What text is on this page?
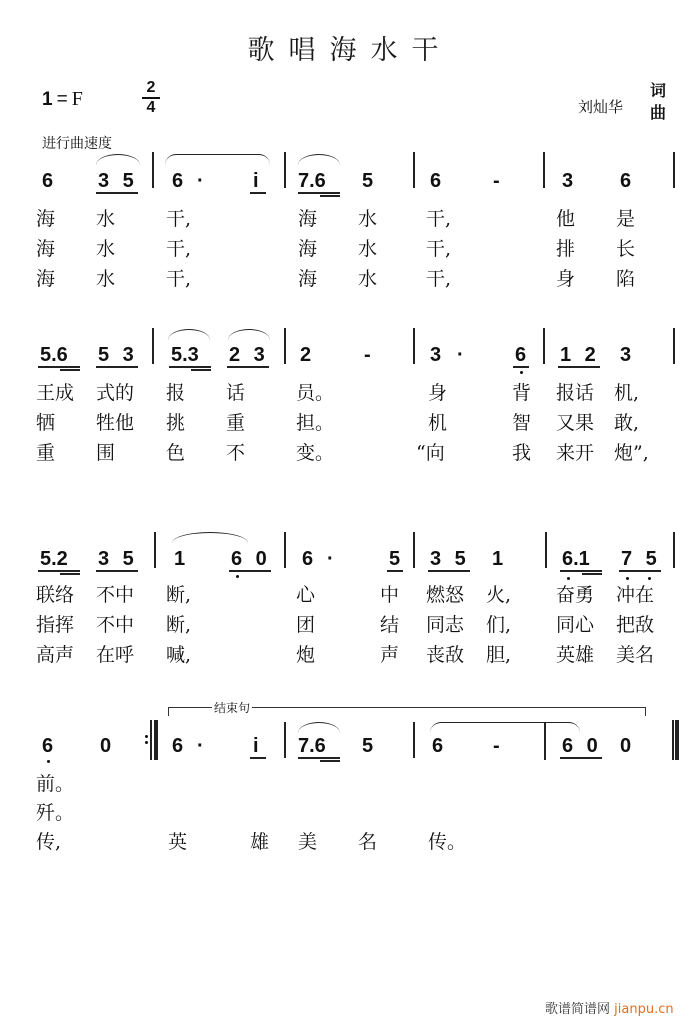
歌唱海水干
1 = F
2
4	刘灿华
词
曲
进行曲速度
6 3 5 6 · i 7.6 5	6	-	3 6
海 水	干,	海 水	干,	他 是
海 水	干,	海 水	干,	排 长
海 水	干,	海 水	干,	身 陷
5.6 5 3 5.3 2 3 2	-	3 ·	6 1 2 3
王成 式的 报 话	员。	身	背 报话 机,
牺 牲他 挑 重	担。	机	智 又果 敢,
重 围	色 不	变。	“向	我 来开 炮”,
5.2 3 5 1 6 0 6 ·	5 3 5 1	6.1 7 5
联络 不中 断,	心	中 燃怒 火, 奋勇 冲在
指挥 不中 断,	团	结 同志 们, 同心 把敌
高声 在呼 喊,	炮	声 丧敌 胆, 英雄 美名
结束句
6 0	6 · i 7.6 5	6 -	6 0 0
前。
歼。
传,	英	雄 美 名	传。
歌谱简谱网 jianpu.cn
